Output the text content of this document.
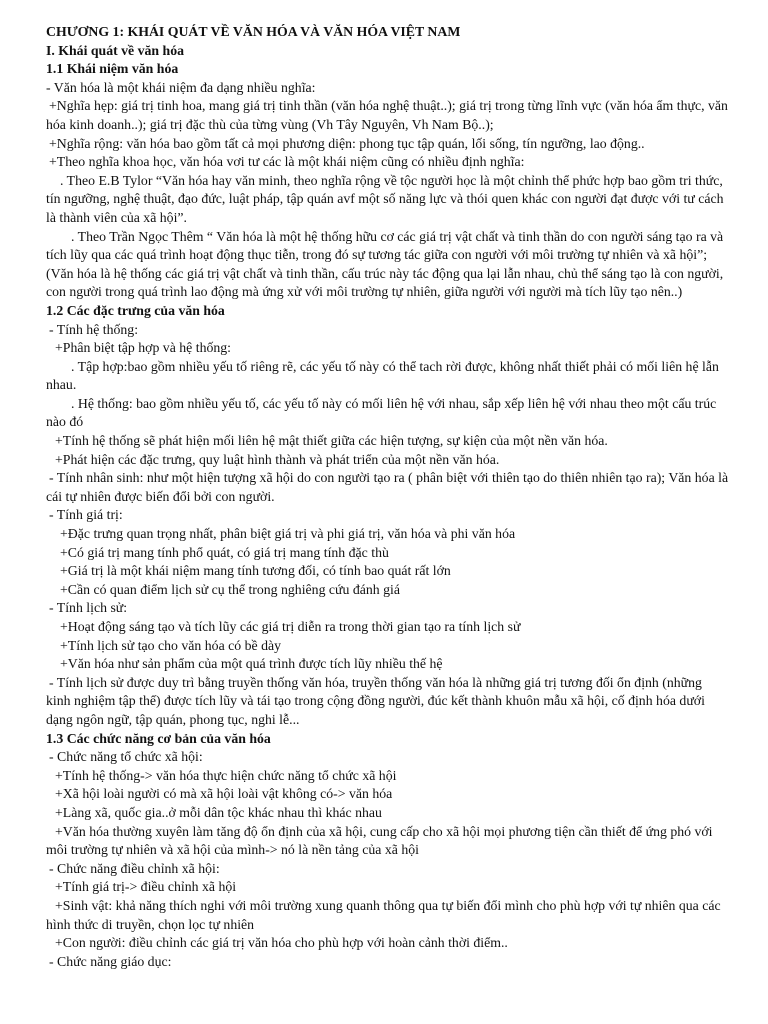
CHƯƠNG 1: KHÁI QUÁT VỀ VĂN HÓA VÀ VĂN HÓA VIỆT NAM
I. Khái quát về văn hóa
1.1 Khái niệm văn hóa
- Văn hóa là một khái niệm đa dạng nhiều nghĩa:
+Nghĩa hẹp: giá trị tinh hoa, mang giá trị tinh thần (văn hóa nghệ thuật..); giá trị trong từng lĩnh vực (văn hóa ẩm thực, văn
hóa kinh doanh..); giá trị đặc thù của từng vùng (Vh Tây Nguyên, Vh Nam Bộ..);
+Nghĩa rộng: văn hóa bao gồm tất cả mọi phương diện: phong tục tập quán, lối sống, tín ngưỡng, lao động..
+Theo nghĩa khoa học, văn hóa vơi tư các là một khái niệm cũng có nhiều định nghĩa:
. Theo E.B Tylor “Văn hóa hay văn minh, theo nghĩa rộng về tộc người học là một chỉnh thể phức hợp bao gồm tri thức,
tín ngưỡng, nghệ thuật, đạo đức, luật pháp, tập quán avf một số năng lực và thói quen khác con người đạt được với tư cách
là thành viên của xã hội”.
. Theo Trần Ngọc Thêm “ Văn hóa là một hệ thống hữu cơ các giá trị vật chất và tinh thần do con người sáng tạo ra và
tích lũy qua các quá trình hoạt động thục tiễn, trong đó sự tương tác giữa con người với môi trường tự nhiên và xã hội”;
(Văn hóa là hệ thống các giá trị vật chất và tinh thần, cấu trúc này tác động qua lại lẫn nhau, chủ thể sáng tạo là con người,
con người trong quá trình lao động mà ứng xử với môi trường tự nhiên, giữa người với người mà tích lũy tạo nên..)
1.2 Các đặc trưng của văn hóa
- Tính hệ thống:
+Phân biệt tập hợp và hệ thống:
. Tập hợp:bao gồm nhiều yếu tố riêng rẽ, các yếu tố này có thể tach rời được, không nhất thiết phải có mối liên hệ lẫn
nhau.
. Hệ thống: bao gồm nhiều yếu tố, các yếu tố này có mối liên hệ với nhau, sắp xếp liên hệ với nhau theo một cấu trúc
nào đó
+Tính hệ thống sẽ phát hiện mối liên hệ mật thiết giữa các hiện tượng, sự kiện của một nền văn hóa.
+Phát hiện các đặc trưng, quy luật hình thành và phát triển của một nền văn hóa.
- Tính nhân sinh: như một hiện tượng xã hội do con người tạo ra ( phân biệt với thiên tạo do thiên nhiên tạo ra); Văn hóa là
cái tự nhiên được biến đổi bởi con người.
- Tính giá trị:
+Đặc trưng quan trọng nhất, phân biệt giá trị và phi giá trị, văn hóa và phi văn hóa
+Có giá trị mang tính phổ quát, có giá trị mang tính đặc thù
+Giá trị là một khái niệm mang tính tương đối, có tính bao quát rất lớn
+Cần có quan điểm lịch sử cụ thể trong nghiêng cứu đánh giá
- Tính lịch sử:
+Hoạt động sáng tạo và tích lũy các giá trị diễn ra trong thời gian tạo ra tính lịch sử
+Tính lịch sử tạo cho văn hóa có bề dày
+Văn hóa như sản phẩm của một quá trình được tích lũy nhiều thế hệ
- Tính lịch sử được duy trì bằng truyền thống văn hóa, truyền thống văn hóa là những giá trị tương đối ổn định (những
kinh nghiệm tập thể) được tích lũy và tái tạo trong cộng đồng người, đúc kết thành khuôn mẫu xã hội, cố định hóa dưới
dạng ngôn ngữ, tập quán, phong tục, nghi lễ...
1.3 Các chức năng cơ bản của văn hóa
- Chức năng tổ chức xã hội:
+Tính hệ thống-> văn hóa thực hiện chức năng tổ chức xã hội
+Xã hội loài người có mà xã hội loài vật không có-> văn hóa
+Làng xã, quốc gia..ở mỗi dân tộc khác nhau thì khác nhau
+Văn hóa thường xuyên làm tăng độ ổn định của xã hội, cung cấp cho xã hội mọi phương tiện cần thiết để ứng phó với
môi trường tự nhiên và xã hội của mình-> nó là nền tảng của xã hội
- Chức năng điều chỉnh xã hội:
+Tính giá trị-> điều chỉnh xã hội
+Sinh vật: khả năng thích nghi với môi trường xung quanh thông qua tự biến đổi mình cho phù hợp với tự nhiên qua các
hình thức di truyền, chọn lọc tự nhiên
+Con người: điều chỉnh các giá trị văn hóa cho phù hợp với hoàn cảnh thời điểm..
- Chức năng giáo dục:
